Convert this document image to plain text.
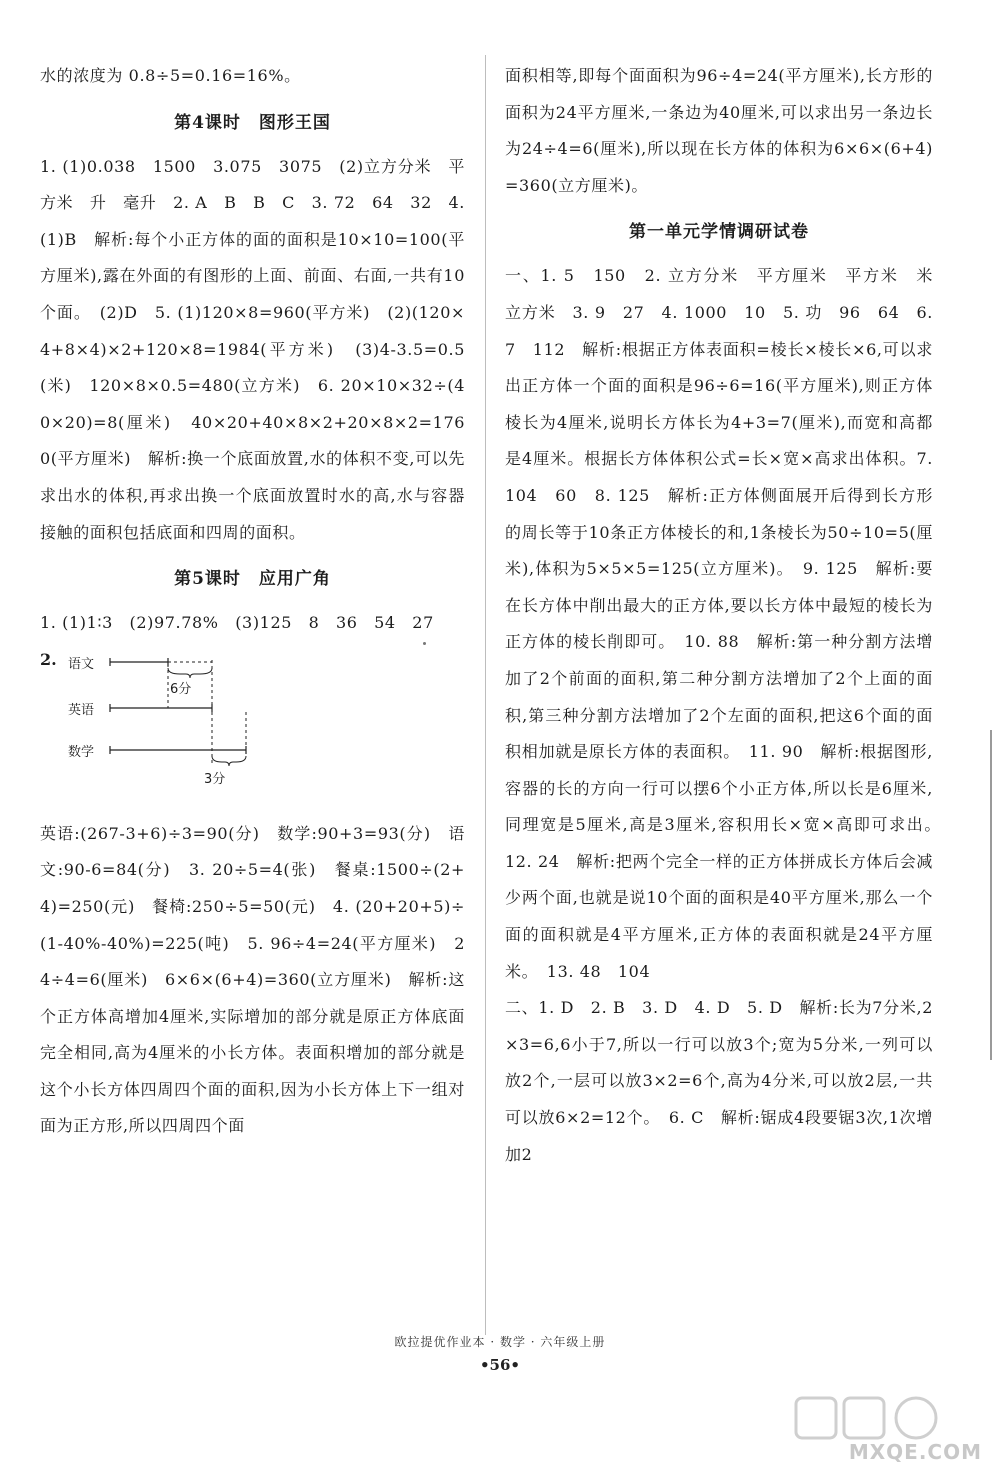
水的浓度为 0.8÷5=0.16=16%。

第4课时　图形王国

1. (1)0.038　1500　3.075　3075　(2)立方分米　平方米　升　毫升　2. A　B　B　C　3. 72　64　32　4. (1)B　解析:每个小正方体的面的面积是10×10=100(平方厘米),露在外面的有图形的上面、前面、右面,一共有10个面。　(2)D　5. (1)120×8=960(平方米)　(2)(120×4+8×4)×2+120×8=1984(平方米)　(3)4-3.5=0.5(米)　120×8×0.5=480(立方米)　6. 20×10×32÷(40×20)=8(厘米)　40×20+40×8×2+20×8×2=1760(平方厘米)　解析:换一个底面放置,水的体积不变,可以先求出水的体积,再求出换一个底面放置时水的高,水与容器接触的面积包括底面和四周的面积。

第5课时　应用广角

1. (1)1∶3　(2)97.78%　(3)125　8　36　54　27

2. 语文
英语
数学
6分
3分

英语:(267-3+6)÷3=90(分)　数学:90+3=93(分)　语文:90-6=84(分)　3. 20÷5=4(张)　餐桌:1500÷(2+4)=250(元)　餐椅:250÷5=50(元)　4. (20+20+5)÷(1-40%-40%)=225(吨)　5. 96÷4=24(平方厘米)　24÷4=6(厘米)　6×6×(6+4)=360(立方厘米)　解析:这个正方体高增加4厘米,实际增加的部分就是原正方体底面完全相同,高为4厘米的小长方体。表面积增加的部分就是这个小长方体四周四个面的面积,因为小长方体上下一组对面为正方形,所以四周四个面

面积相等,即每个面面积为96÷4=24(平方厘米),长方形的面积为24平方厘米,一条边为40厘米,可以求出另一条边长为24÷4=6(厘米),所以现在长方体的体积为6×6×(6+4)=360(立方厘米)。

第一单元学情调研试卷

一、1. 5　150　2. 立方分米　平方厘米　平方米　米　立方米　3. 9　27　4. 1000　10　5. 功　96　64　6. 7　112　解析:根据正方体表面积=棱长×棱长×6,可以求出正方体一个面的面积是96÷6=16(平方厘米),则正方体棱长为4厘米,说明长方体长为4+3=7(厘米),而宽和高都是4厘米。根据长方体体积公式=长×宽×高求出体积。7. 104　60　8. 125　解析:正方体侧面展开后得到长方形的周长等于10条正方体棱长的和,1条棱长为50÷10=5(厘米),体积为5×5×5=125(立方厘米)。　9. 125　解析:要在长方体中削出最大的正方体,要以长方体中最短的棱长为正方体的棱长削即可。　10. 88　解析:第一种分割方法增加了2个前面的面积,第二种分割方法增加了2个上面的面积,第三种分割方法增加了2个左面的面积,把这6个面的面积相加就是原长方体的表面积。　11. 90　解析:根据图形,容器的长的方向一行可以摆6个小正方体,所以长是6厘米,同理宽是5厘米,高是3厘米,容积用长×宽×高即可求出。　12. 24　解析:把两个完全一样的正方体拼成长方体后会减少两个面,也就是说10个面的面积是40平方厘米,那么一个面的面积就是4平方厘米,正方体的表面积就是24平方厘米。　13. 48　104

二、1. D　2. B　3. D　4. D　5. D　解析:长为7分米,2×3=6,6小于7,所以一行可以放3个;宽为5分米,一列可以放2个,一层可以放3×2=6个,高为4分米,可以放2层,一共可以放6×2=12个。　6. C　解析:锯成4段要锯3次,1次增加2

欧拉提优作业本 · 数学 · 六年级上册
•56•
MXQE.COM
